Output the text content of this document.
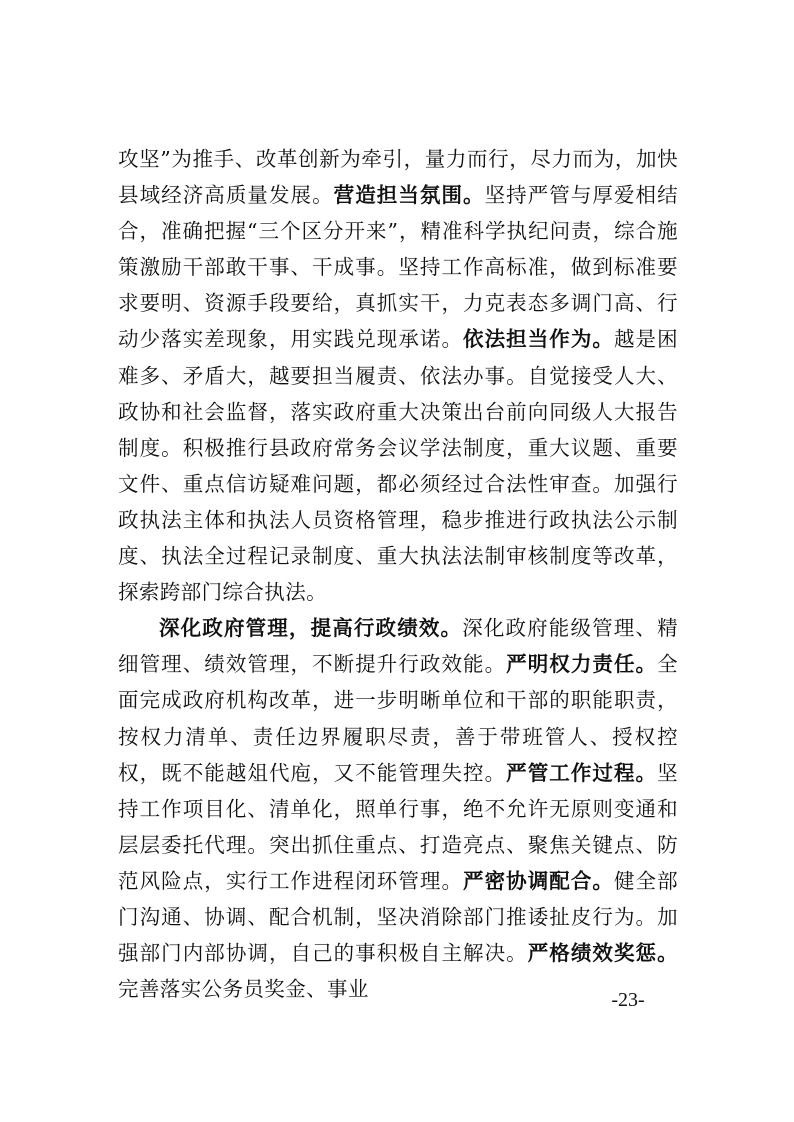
攻坚”为推手、改革创新为牵引，量力而行，尽力而为，加快县域经济高质量发展。营造担当氛围。坚持严管与厚爱相结合，准确把握“三个区分开来”，精准科学执纪问责，综合施策激励干部敢干事、干成事。坚持工作高标准，做到标准要求要明、资源手段要给，真抓实干，力克表态多调门高、行动少落实差现象，用实践兑现承诺。依法担当作为。越是困难多、矛盾大，越要担当履责、依法办事。自觉接受人大、政协和社会监督，落实政府重大决策出台前向同级人大报告制度。积极推行县政府常务会议学法制度，重大议题、重要文件、重点信访疑难问题，都必须经过合法性审查。加强行政执法主体和执法人员资格管理，稳步推进行政执法公示制度、执法全过程记录制度、重大执法法制审核制度等改革，探索跨部门综合执法。

深化政府管理，提高行政绩效。深化政府能级管理、精细管理、绩效管理，不断提升行政效能。严明权力责任。全面完成政府机构改革，进一步明晰单位和干部的职能职责，按权力清单、责任边界履职尽责，善于带班管人、授权控权，既不能越俎代庖，又不能管理失控。严管工作过程。坚持工作项目化、清单化，照单行事，绝不允许无原则变通和层层委托代理。突出抓住重点、打造亮点、聚焦关键点、防范风险点，实行工作进程闭环管理。严密协调配合。健全部门沟通、协调、配合机制，坚决消除部门推诿扯皮行为。加强部门内部协调，自己的事积极自主解决。严格绩效奖惩。完善落实公务员奖金、事业	-23-
